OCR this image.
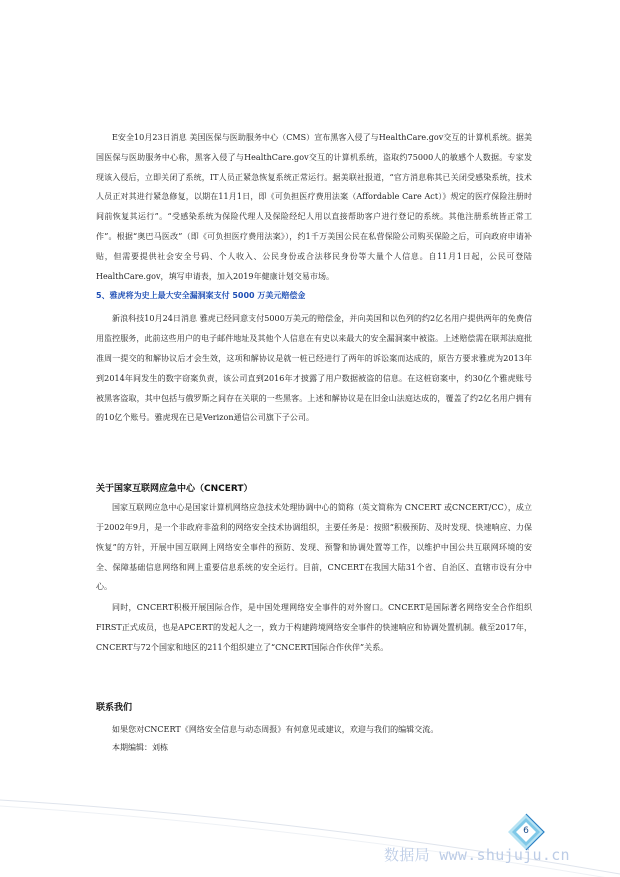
E安全10月23日消息 美国医保与医助服务中心（CMS）宣布黑客入侵了与HealthCare.gov交互的计算机系统。据美国医保与医助服务中心称，黑客入侵了与HealthCare.gov交互的计算机系统，盗取约75000人的敏感个人数据。专家发现该入侵后，立即关闭了系统，IT人员正紧急恢复系统正常运行。据美联社报道，“官方消息称其已关闭受感染系统，技术人员正对其进行紧急修复，以期在11月1日，即《可负担医疗费用法案（Affordable Care Act）》规定的医疗保险注册时间前恢复其运行”。“受感染系统为保险代理人及保险经纪人用以直接帮助客户进行登记的系统。其他注册系统皆正常工作”。根据“奥巴马医改”（即《可负担医疗费用法案》），约1千万美国公民在私营保险公司购买保险之后，可向政府申请补贴，但需要提供社会安全号码、个人收入、公民身份或合法移民身份等大量个人信息。自11月1日起，公民可登陆HealthCare.gov，填写申请表，加入2019年健康计划交易市场。

5、雅虎将为史上最大安全漏洞案支付 5000 万美元赔偿金

新浪科技10月24日消息 雅虎已经同意支付5000万美元的赔偿金，并向美国和以色列的约2亿名用户提供两年的免费信用监控服务，此前这些用户的电子邮件地址及其他个人信息在有史以来最大的安全漏洞案中被盗。上述赔偿需在联邦法庭批准周一提交的和解协议后才会生效，这项和解协议是就一桩已经进行了两年的诉讼案而达成的，原告方要求雅虎为2013年到2014年间发生的数字窃案负责，该公司直到2016年才披露了用户数据被盗的信息。在这桩窃案中，约30亿个雅虎账号被黑客盗取，其中包括与俄罗斯之间存在关联的一些黑客。上述和解协议是在旧金山法庭达成的，覆盖了约2亿名用户拥有的10亿个账号。雅虎现在已是Verizon通信公司旗下子公司。

关于国家互联网应急中心（CNCERT）

国家互联网应急中心是国家计算机网络应急技术处理协调中心的简称（英文简称为 CNCERT 或CNCERT/CC），成立于2002年9月，是一个非政府非盈利的网络安全技术协调组织，主要任务是：按照“积极预防、及时发现、快速响应、力保恢复”的方针，开展中国互联网上网络安全事件的预防、发现、预警和协调处置等工作，以维护中国公共互联网环境的安全、保障基础信息网络和网上重要信息系统的安全运行。目前，CNCERT在我国大陆31个省、自治区、直辖市设有分中心。

同时，CNCERT积极开展国际合作，是中国处理网络安全事件的对外窗口。CNCERT是国际著名网络安全合作组织FIRST正式成员，也是APCERT的发起人之一，致力于构建跨境网络安全事件的快速响应和协调处置机制。截至2017年，CNCERT与72个国家和地区的211个组织建立了“CNCERT国际合作伙伴”关系。

联系我们

如果您对CNCERT《网络安全信息与动态周报》有何意见或建议，欢迎与我们的编辑交流。

本期编辑：刘栋

6
数据局 www.shujuju.cn
